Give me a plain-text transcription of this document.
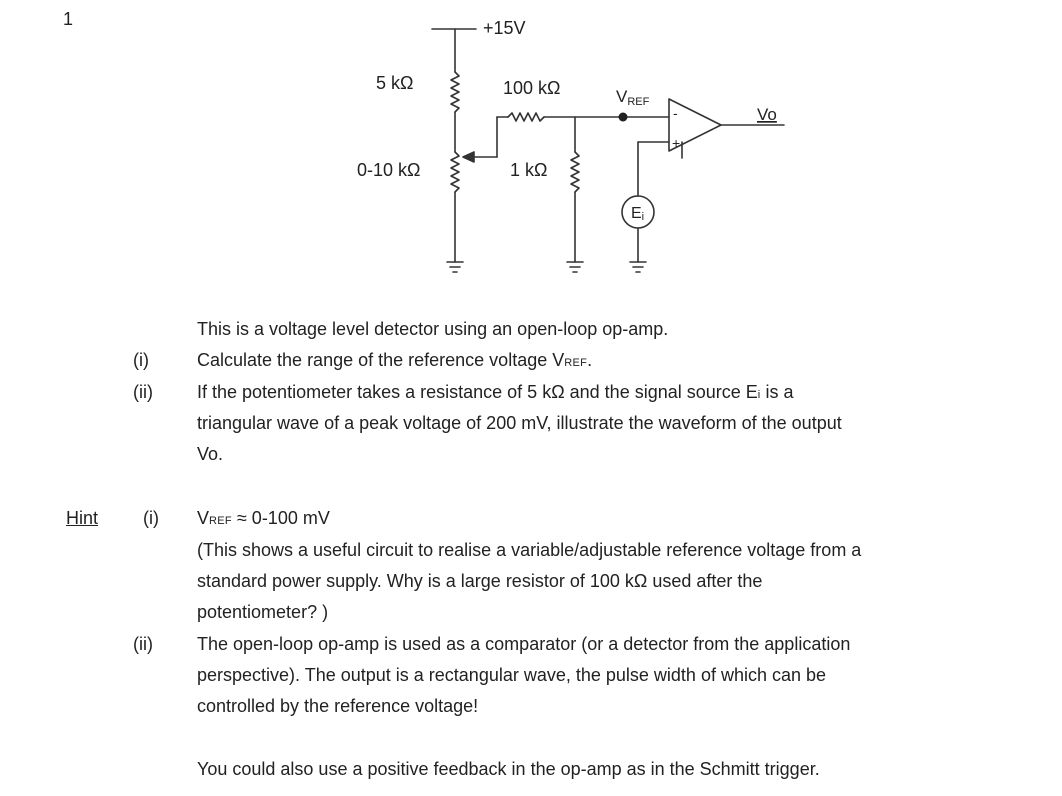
1	+15V
5 kΩ	100 kΩ	VREF
0-10 kΩ	1 kΩ
Ei
-
+
Vo
This is a voltage level detector using an open-loop op-amp.
(i)	Calculate the range of the reference voltage VREF.
(ii) If the potentiometer takes a resistance of 5 kΩ and the signal source Ei is a
triangular wave of a peak voltage of 200 mV, illustrate the waveform of the output
Vo.
Hint (i) VREF ≈ 0-100 mV
(This shows a useful circuit to realise a variable/adjustable reference voltage from a
standard power supply. Why is a large resistor of 100 kΩ used after the
potentiometer? )
(ii) The open-loop op-amp is used as a comparator (or a detector from the application
perspective). The output is a rectangular wave, the pulse width of which can be
controlled by the reference voltage!
You could also use a positive feedback in the op-amp as in the Schmitt trigger.
